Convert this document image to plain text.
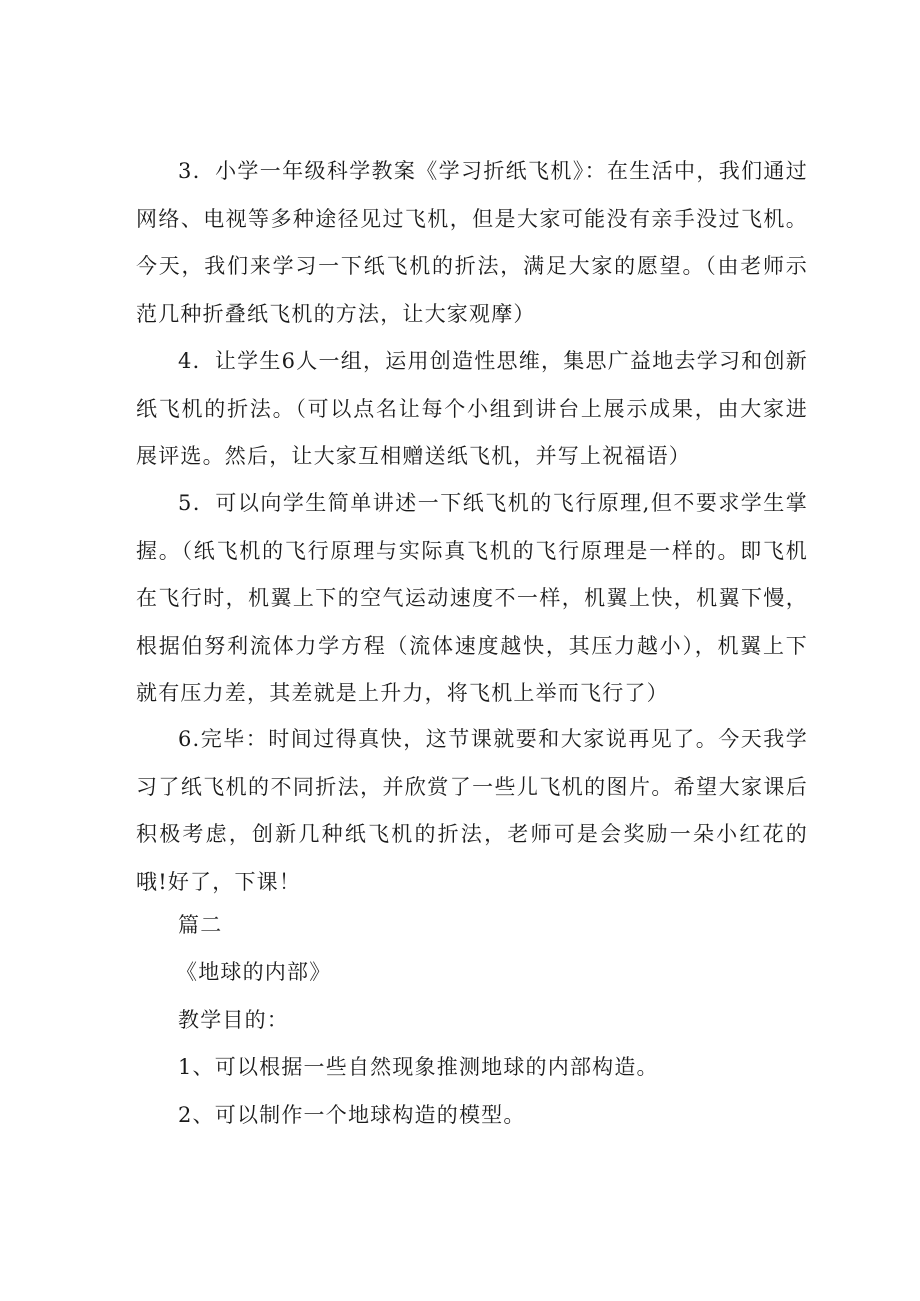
3．小学一年级科学教案《学习折纸飞机》：在生活中，我们通过网络、电视等多种途径见过飞机，但是大家可能没有亲手没过飞机。今天，我们来学习一下纸飞机的折法，满足大家的愿望。（由老师示范几种折叠纸飞机的方法，让大家观摩）

4．让学生6人一组，运用创造性思维，集思广益地去学习和创新纸飞机的折法。（可以点名让每个小组到讲台上展示成果，由大家进展评选。然后，让大家互相赠送纸飞机，并写上祝福语）

5．可以向学生简单讲述一下纸飞机的飞行原理,但不要求学生掌握。（纸飞机的飞行原理与实际真飞机的飞行原理是一样的。即飞机在飞行时，机翼上下的空气运动速度不一样，机翼上快，机翼下慢，根据伯努利流体力学方程（流体速度越快，其压力越小），机翼上下就有压力差，其差就是上升力，将飞机上举而飞行了）

6.完毕：时间过得真快，这节课就要和大家说再见了。今天我学习了纸飞机的不同折法，并欣赏了一些儿飞机的图片。希望大家课后积极考虑，创新几种纸飞机的折法，老师可是会奖励一朵小红花的哦!好了，下课！

篇二
《地球的内部》
教学目的：
1、可以根据一些自然现象推测地球的内部构造。
2、可以制作一个地球构造的模型。
